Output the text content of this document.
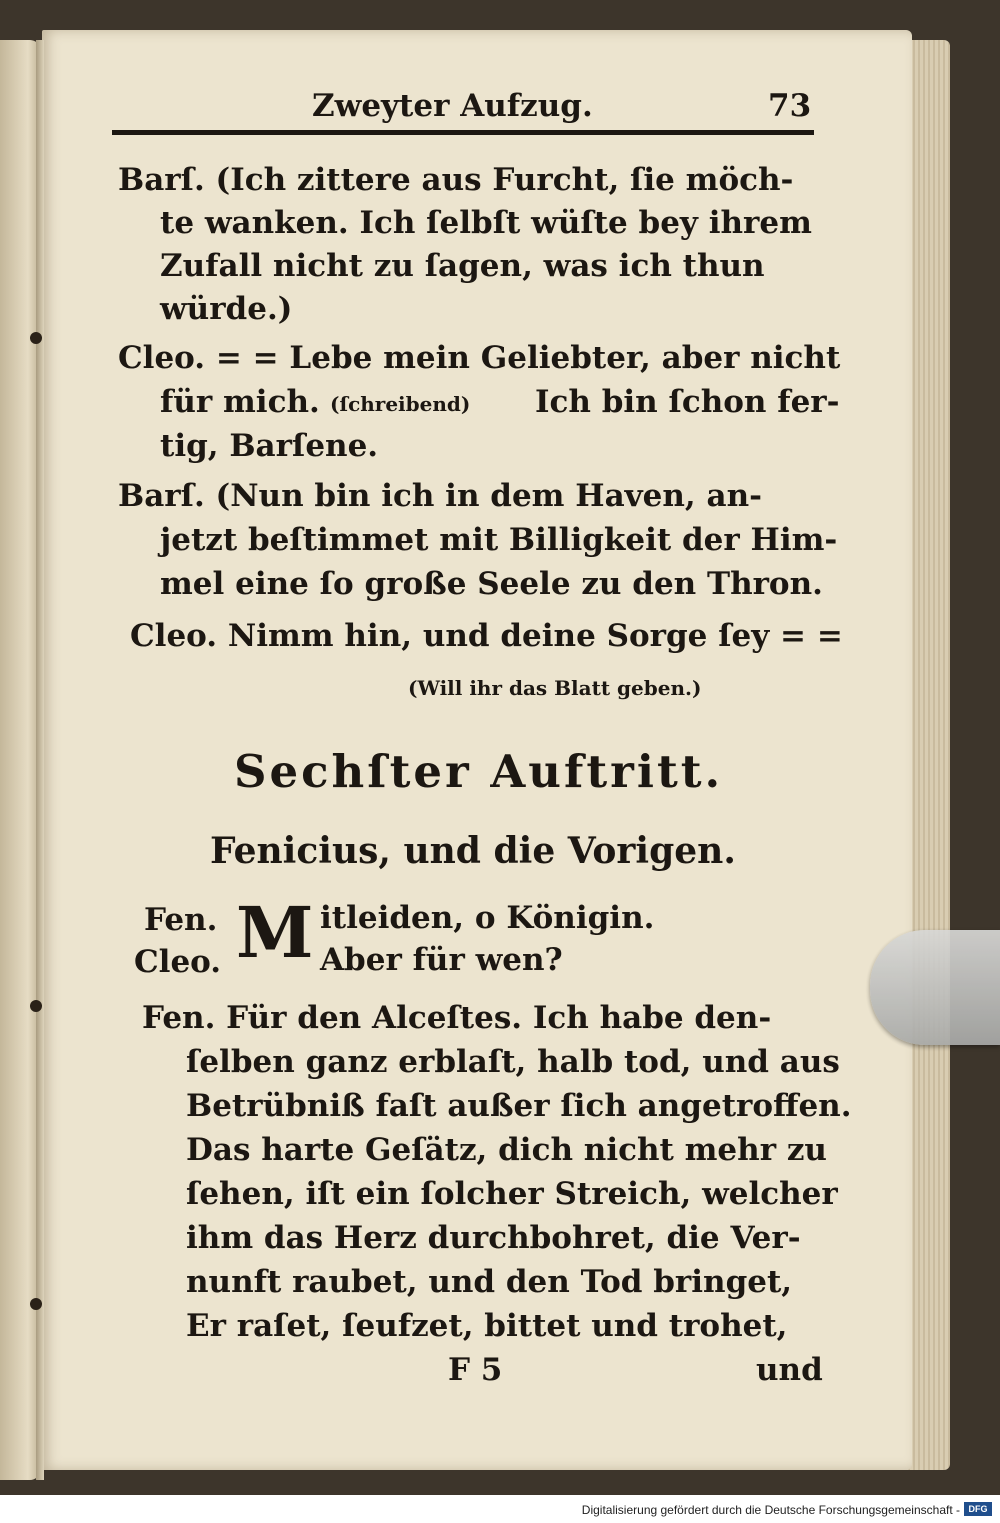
Zweyter Aufzug.	73

Barſ. (Ich zittere aus Furcht, ſie möch-

te wanken. Ich ſelbſt wüſte bey ihrem

Zufall nicht zu ſagen, was ich thun

würde.)

Cleo. = = Lebe mein Geliebter, aber nicht

für mich. (ſchreibend) Ich bin ſchon fer-

tig, Barſene.

Barſ. (Nun bin ich in dem Haven, an-

jetzt beſtimmet mit Billigkeit der Him-

mel eine ſo große Seele zu den Thron.

Cleo. Nimm hin, und deine Sorge ſey = =

(Will ihr das Blatt geben.)

Sechſter Auftritt.

Fenicius, und die Vorigen.

Fen.

Cleo. M itleiden, o Königin.

Aber für wen?

Fen. Für den Alceſtes. Ich habe den-

ſelben ganz erblaſt, halb tod, und aus

Betrübniß faſt außer ſich angetroffen.

Das harte Geſätz, dich nicht mehr zu

ſehen, iſt ein ſolcher Streich, welcher

ihm das Herz durchbohret, die Ver-

nunft raubet, und den Tod bringet,

Er raſet, ſeufzet, bittet und trohet,

F 5	und

Digitalisierung gefördert durch die Deutsche Forschungsgemeinschaft - DFG
